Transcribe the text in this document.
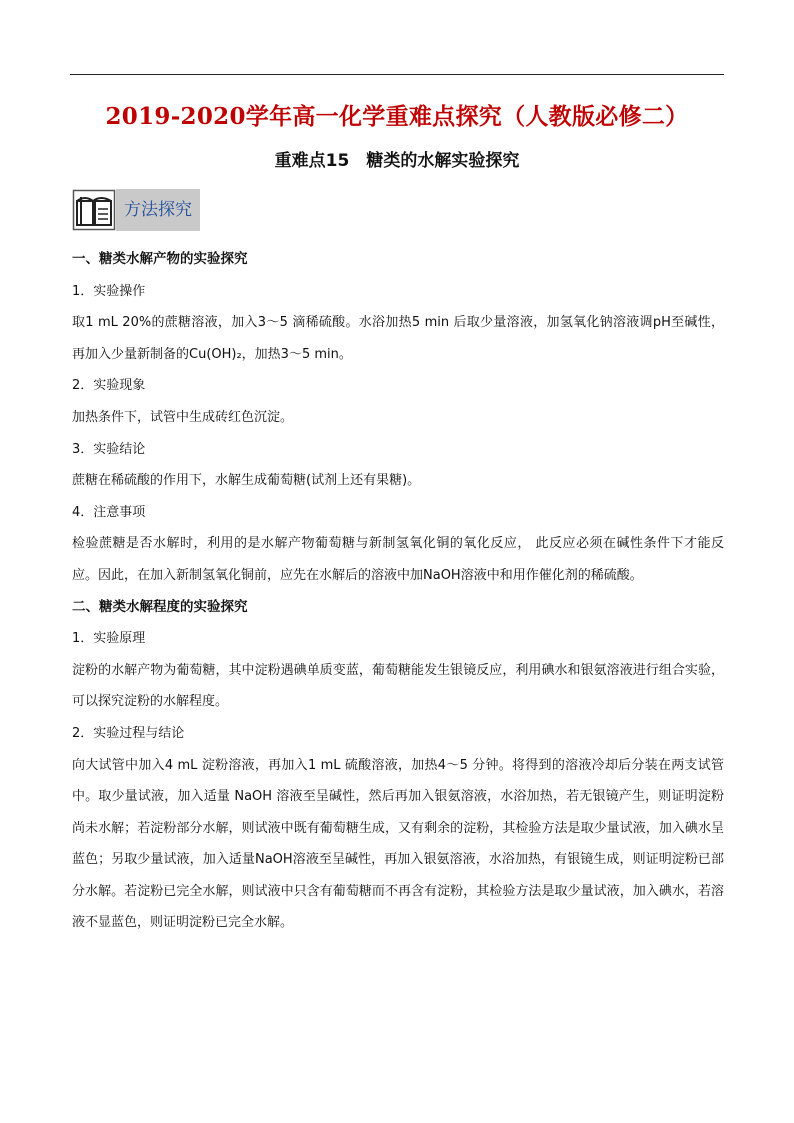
2019-2020学年高一化学重难点探究（人教版必修二）
重难点15　糖类的水解实验探究
方法探究

一、糖类水解产物的实验探究

1．实验操作

取1 mL 20%的蔗糖溶液，加入3～5 滴稀硫酸。水浴加热5 min 后取少量溶液，加氢氧化钠溶液调pH至碱性，再加入少量新制备的Cu(OH)₂，加热3～5 min。

2．实验现象

加热条件下，试管中生成砖红色沉淀。

3．实验结论

蔗糖在稀硫酸的作用下，水解生成葡萄糖(试剂上还有果糖)。

4．注意事项

检验蔗糖是否水解时，利用的是水解产物葡萄糖与新制氢氧化铜的氧化反应， 此反应必须在碱性条件下才能反应。因此，在加入新制氢氧化铜前，应先在水解后的溶液中加NaOH溶液中和用作催化剂的稀硫酸。

二、糖类水解程度的实验探究

1．实验原理

淀粉的水解产物为葡萄糖，其中淀粉遇碘单质变蓝，葡萄糖能发生银镜反应，利用碘水和银氨溶液进行组合实验，可以探究淀粉的水解程度。

2．实验过程与结论

向大试管中加入4 mL 淀粉溶液，再加入1 mL 硫酸溶液，加热4～5 分钟。将得到的溶液冷却后分装在两支试管中。取少量试液，加入适量 NaOH 溶液至呈碱性，然后再加入银氨溶液，水浴加热，若无银镜产生，则证明淀粉尚未水解；若淀粉部分水解，则试液中既有葡萄糖生成，又有剩余的淀粉，其检验方法是取少量试液，加入碘水呈蓝色；另取少量试液，加入适量NaOH溶液至呈碱性，再加入银氨溶液，水浴加热，有银镜生成，则证明淀粉已部分水解。若淀粉已完全水解，则试液中只含有葡萄糖而不再含有淀粉，其检验方法是取少量试液，加入碘水，若溶液不显蓝色，则证明淀粉已完全水解。
